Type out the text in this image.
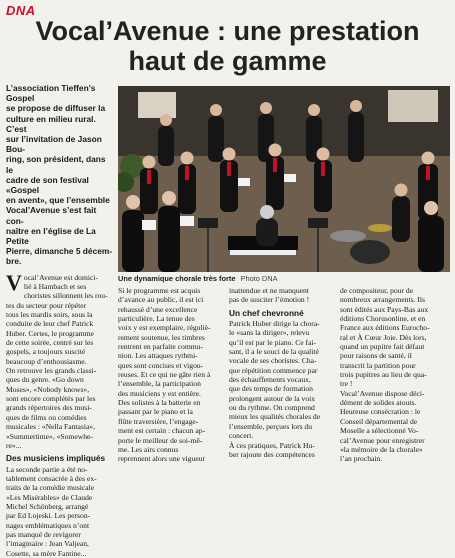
DNA
Vocal’Avenue : une prestation
haut de gamme
L’association Tieffen’s Gospel
se propose de diffuser la
culture en milieu rural. C’est
sur l’invitation de Jason Bou-
ring, son président, dans le
cadre de son festival «Gospel
en avent», que l’ensemble
Vocal’Avenue s’est fait con-
naître en l’église de La Petite
Pierre, dimanche 5 décem-
bre.
V ocal’Avenue est domici-
lié à Hambach et ses
choristes sillonnent les rou-
tes du secteur pour répéter
tous les mardis soirs, sous la
conduite de leur chef Patrick
Huber. Certes, le programme
de cette soirée, centré sur les
gospels, a toujours suscité
beaucoup d’enthousiasme.
On retrouve les grands classi-
ques du genre. «Go down
Moses», «Nobody knows»,
sont encore complétés par les
grands répertoires des musi-
ques de films ou comédies
musicales : «Nella Fantasia»,
«Summertime», «Somewhe-
re»...
Des musiciens impliqués
La seconde partie a été no-
tablement consacrée à des ex-
traits de la comédie musicale
«Les Misérables» de Claude
Michel Schönberg, arrangé
par Ed Lojeski. Les person-
nages emblématiques n’ont
pas manqué de revigorer
l’imaginaire : Jean Valjean,
Cosette, sa mère Fantine...
Une dynamique chorale très forte Photo DNA
Si le programme est acquis
d’avance au public, il est ici
rehaussé d’une excellence
particulière. La tenue des
voix y est exemplaire, réguliè-
rement soutenue, les timbres
rentrent en parfaite commu-
nion. Les attaques rythmi-
ques sont concises et vigou-
reuses. Et ce qui ne gâte rien à
l’ensemble, la participation
des musiciens y est entière.
Des solistes à la batterie en
passant par le piano et la
flûte traversière, l’engage-
ment est certain : chacun ap-
porte le meilleur de soi-mê-
me. Les airs connus
reprennent alors une vigueur
inattendue et ne manquent
pas de susciter l’émotion !
Un chef chevronné
Patrick Huber dirige la chora-
le «sans la diriger», relevu
qu’il est par le piano. Ce fai-
sant, il a le souci de la qualité
vocale de ses choristes. Cha-
que répétition commence par
des échauffements vocaux,
que des temps de formation
prolongent autour de la voix
ou du rythme. On comprend
mieux les qualités chorales de
l’ensemble, perçues lors du
concert.
À ces pratiques, Patrick Hu-
ber rajoute des compétences
de compositeur, pour de
nombreux arrangements. Ils
sont édités aux Pays-Bas aux
éditions Chorusonline, et en
France aux éditions Eurocho-
ral et À Cœur Joie. Dès lors,
quand un pupitre fait défaut
pour raisons de santé, il
transcrit la partition pour
trois pupitres au lieu de qua-
tre !
Vocal’Avenue dispose déci-
dément de solides atouts.
Heureuse consécration : le
Conseil départemental de
Moselle a sélectionné Vo-
cal’Avenue pour enregistrer
«la mémoire de la chorale»
l’an prochain.
